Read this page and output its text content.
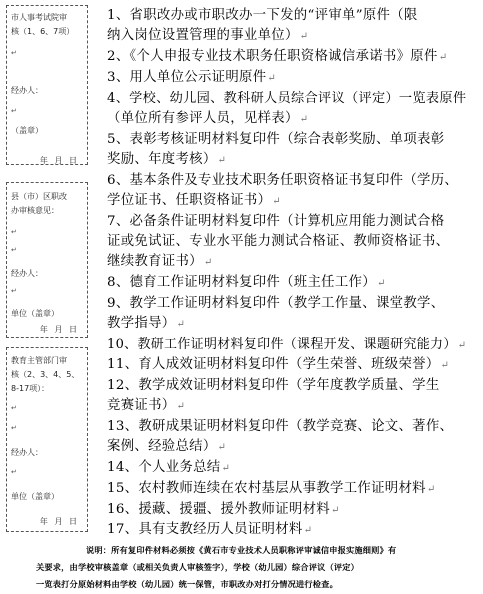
市人事考试院审
核（1、6、7项）
↵
经办人：
↵
（盖章）
年 月 日
县（市）区职改
办审核意见：
↵
↵
经办人：
↵
单位（盖章）
年 月 日
教育主管部门审
核（2、3、4、5、
8-17项）：
↵
↵
经办人：
↵
单位（盖章）
年 月 日
1、省职改办或市职改办一下发的“评审单”原件（限
纳入岗位设置管理的事业单位）↵
2、《个人申报专业技术职务任职资格诚信承诺书》原件↵
3、用人单位公示证明原件↵
4、学校、幼儿园、教科研人员综合评议（评定）一览表原件
（单位所有参评人员，见样表）↵
5、表彰考核证明材料复印件（综合表彰奖励、单项表彰
奖励、年度考核）↵
6、基本条件及专业技术职务任职资格证书复印件（学历、
学位证书、任职资格证书）↵
7、必备条件证明材料复印件（计算机应用能力测试合格
证或免试证、专业水平能力测试合格证、教师资格证书、
继续教育证书）↵
8、德育工作证明材料复印件（班主任工作）↵
9、教学工作证明材料复印件（教学工作量、课堂教学、
教学指导）↵
10、教研工作证明材料复印件（课程开发、课题研究能力）↵
11、育人成效证明材料复印件（学生荣誉、班级荣誉）↵
12、教学成效证明材料复印件（学年度教学质量、学生
竞赛证书）↵
13、教研成果证明材料复印件（教学竞赛、论文、著作、
案例、经验总结）↵
14、个人业务总结↵
15、农村教师连续在农村基层从事教学工作证明材料↵
16、援藏、援疆、援外教师证明材料↵
17、具有支教经历人员证明材料↵
说明：所有复印件材料必须按《黄石市专业技术人员职称评审诚信申报实施细则》有
关要求，由学校审核盖章（或相关负责人审核签字），学校（幼儿园）综合评议（评定）
一览表打分原始材料由学校（幼儿园）统一保管，市职改办对打分情况进行检查。
